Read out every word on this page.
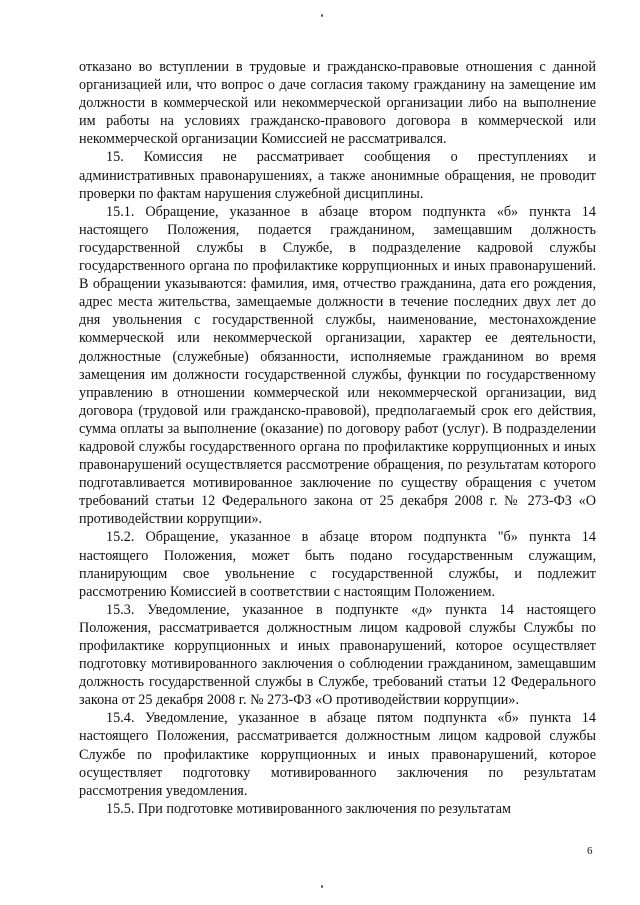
отказано во вступлении в трудовые и гражданско-правовые отношения с данной организацией или, что вопрос о даче согласия такому гражданину на замещение им должности в коммерческой или некоммерческой организации либо на выполнение им работы на условиях гражданско-правового договора в коммерческой или некоммерческой организации Комиссией не рассматривался.

15. Комиссия не рассматривает сообщения о преступлениях и административных правонарушениях, а также анонимные обращения, не проводит проверки по фактам нарушения служебной дисциплины.

15.1. Обращение, указанное в абзаце втором подпункта «б» пункта 14 настоящего Положения, подается гражданином, замещавшим должность государственной службы в Службе, в подразделение кадровой службы государственного органа по профилактике коррупционных и иных правонарушений. В обращении указываются: фамилия, имя, отчество гражданина, дата его рождения, адрес места жительства, замещаемые должности в течение последних двух лет до дня увольнения с государственной службы, наименование, местонахождение коммерческой или некоммерческой организации, характер ее деятельности, должностные (служебные) обязанности, исполняемые гражданином во время замещения им должности государственной службы, функции по государственному управлению в отношении коммерческой или некоммерческой организации, вид договора (трудовой или гражданско-правовой), предполагаемый срок его действия, сумма оплаты за выполнение (оказание) по договору работ (услуг). В подразделении кадровой службы государственного органа по профилактике коррупционных и иных правонарушений осуществляется рассмотрение обращения, по результатам которого подготавливается мотивированное заключение по существу обращения с учетом требований статьи 12 Федерального закона от 25 декабря 2008 г. № 273-ФЗ «О противодействии коррупции».

15.2. Обращение, указанное в абзаце втором подпункта "б» пункта 14 настоящего Положения, может быть подано государственным служащим, планирующим свое увольнение с государственной службы, и подлежит рассмотрению Комиссией в соответствии с настоящим Положением.

15.3. Уведомление, указанное в подпункте «д» пункта 14 настоящего Положения, рассматривается должностным лицом кадровой службы Службы по профилактике коррупционных и иных правонарушений, которое осуществляет подготовку мотивированного заключения о соблюдении гражданином, замещавшим должность государственной службы в Службе, требований статьи 12 Федерального закона от 25 декабря 2008 г. № 273-ФЗ «О противодействии коррупции».

15.4. Уведомление, указанное в абзаце пятом подпункта «б» пункта 14 настоящего Положения, рассматривается должностным лицом кадровой службы Службе по профилактике коррупционных и иных правонарушений, которое осуществляет подготовку мотивированного заключения по результатам рассмотрения уведомления.

15.5. При подготовке мотивированного заключения по результатам

6
